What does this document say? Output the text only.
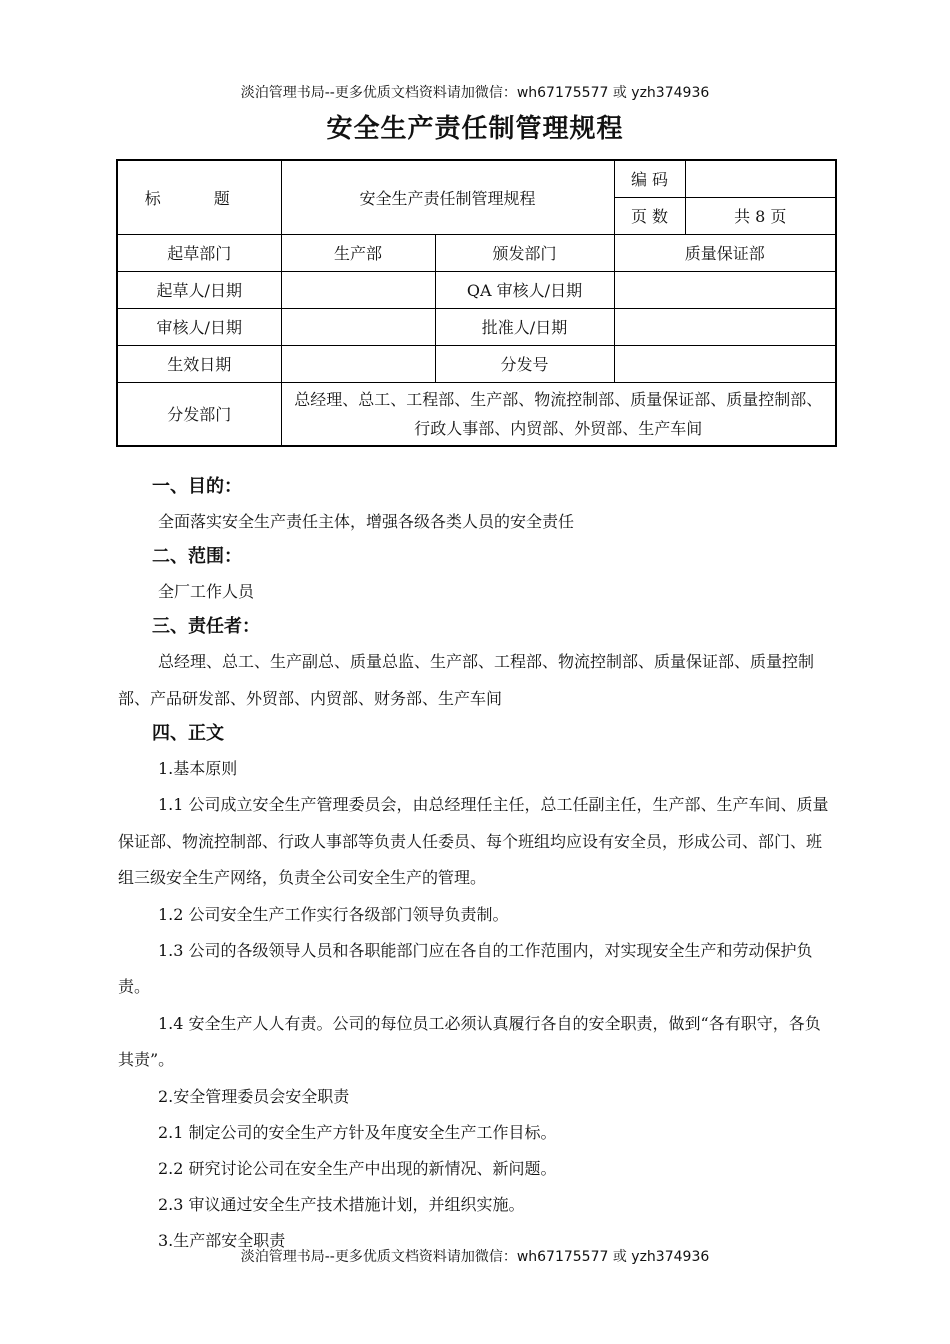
淡泊管理书局--更多优质文档资料请加微信：wh67175577 或 yzh374936
安全生产责任制管理规程
标 题	安全生产责任制管理规程		编 码	
			页 数	共 8 页
起草部门	生产部	颁发部门	质量保证部	
起草人/日期		QA 审核人/日期		
审核人/日期		批准人/日期		
生效日期		分发号		
分发部门	总经理、总工、工程部、生产部、物流控制部、质量保证部、质量控制部、行政人事部、内贸部、外贸部、生产车间			
一、目的：
全面落实安全生产责任主体，增强各级各类人员的安全责任
二、范围：
全厂工作人员
三、责任者：
总经理、总工、生产副总、质量总监、生产部、工程部、物流控制部、质量保证部、质量控制部、产品研发部、外贸部、内贸部、财务部、生产车间
四、正文
1.基本原则
1.1 公司成立安全生产管理委员会，由总经理任主任，总工任副主任，生产部、生产车间、质量保证部、物流控制部、行政人事部等负责人任委员、每个班组均应设有安全员，形成公司、部门、班组三级安全生产网络，负责全公司安全生产的管理。
1.2 公司安全生产工作实行各级部门领导负责制。
1.3 公司的各级领导人员和各职能部门应在各自的工作范围内，对实现安全生产和劳动保护负责。
1.4 安全生产人人有责。公司的每位员工必须认真履行各自的安全职责，做到“各有职守，各负其责”。
2.安全管理委员会安全职责
2.1 制定公司的安全生产方针及年度安全生产工作目标。
2.2 研究讨论公司在安全生产中出现的新情况、新问题。
2.3 审议通过安全生产技术措施计划，并组织实施。
3.生产部安全职责
淡泊管理书局--更多优质文档资料请加微信：wh67175577 或 yzh374936
